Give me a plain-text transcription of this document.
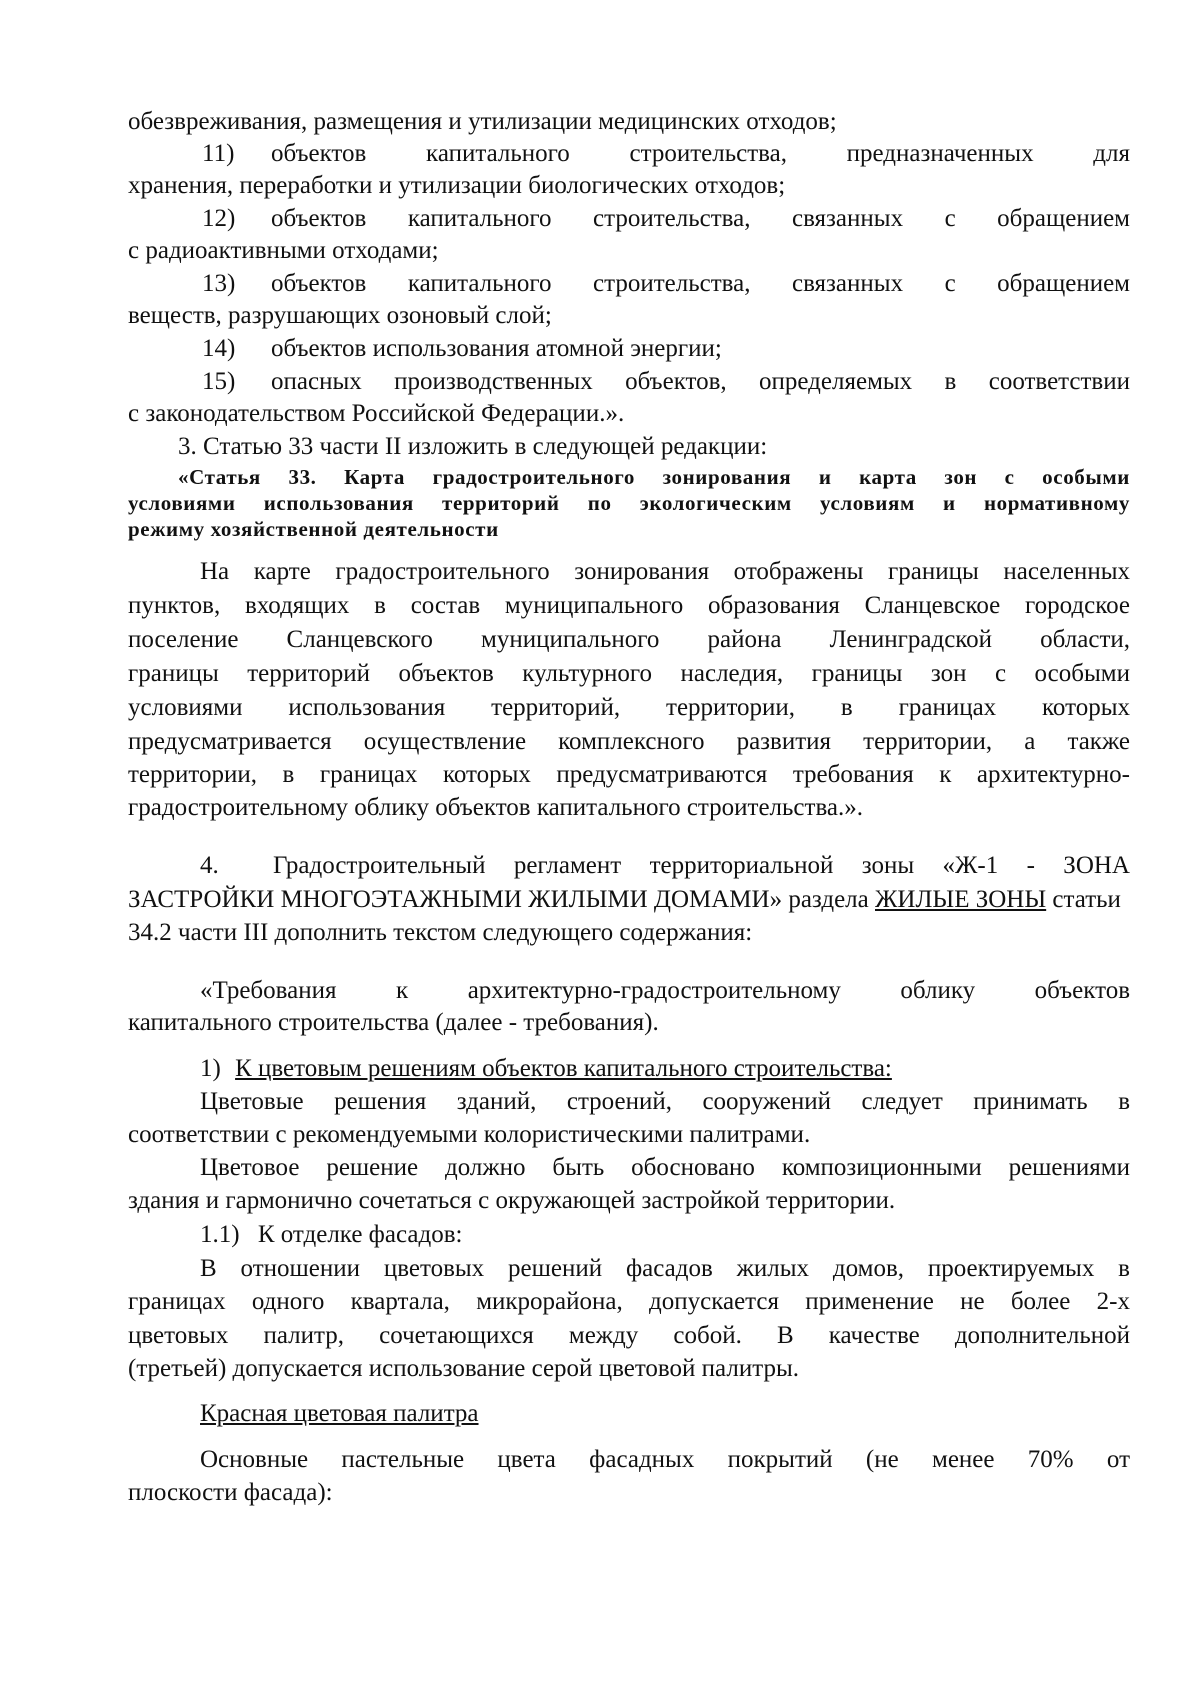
обезвреживания, размещения и утилизации медицинских отходов;
11) объектов капитального строительства, предназначенных для
хранения, переработки и утилизации биологических отходов;
12) объектов капитального строительства, связанных с обращением
с радиоактивными отходами;
13) объектов капитального строительства, связанных с обращением
веществ, разрушающих озоновый слой;
14) объектов использования атомной энергии;
15) опасных производственных объектов, определяемых в соответствии
с законодательством Российской Федерации.».
3. Статью 33 части II изложить в следующей редакции:
«Статья 33. Карта градостроительного зонирования и карта зон с особыми
условиями использования территорий по экологическим условиям и нормативному
режиму хозяйственной деятельности
На карте градостроительного зонирования отображены границы населенных
пунктов, входящих в состав муниципального образования Сланцевское городское
поселение Сланцевского муниципального района Ленинградской области,
границы территорий объектов культурного наследия, границы зон с особыми
условиями использования территорий, территории, в границах которых
предусматривается осуществление комплексного развития территории, а также
территории, в границах которых предусматриваются требования к архитектурно-
градостроительному облику объектов капитального строительства.».
4. Градостроительный регламент территориальной зоны «Ж-1 - ЗОНА
ЗАСТРОЙКИ МНОГОЭТАЖНЫМИ ЖИЛЫМИ ДОМАМИ» раздела ЖИЛЫЕ ЗОНЫ статьи
34.2 части III дополнить текстом следующего содержания:
«Требования к архитектурно-градостроительному облику объектов
капитального строительства (далее - требования).
1) К цветовым решениям объектов капитального строительства:
Цветовые решения зданий, строений, сооружений следует принимать в
соответствии с рекомендуемыми колористическими палитрами.
Цветовое решение должно быть обосновано композиционными решениями
здания и гармонично сочетаться с окружающей застройкой территории.
1.1) К отделке фасадов:
В отношении цветовых решений фасадов жилых домов, проектируемых в
границах одного квартала, микрорайона, допускается применение не более 2-х
цветовых палитр, сочетающихся между собой. В качестве дополнительной
(третьей) допускается использование серой цветовой палитры.
Красная цветовая палитра
Основные пастельные цвета фасадных покрытий (не менее 70% от
плоскости фасада):
